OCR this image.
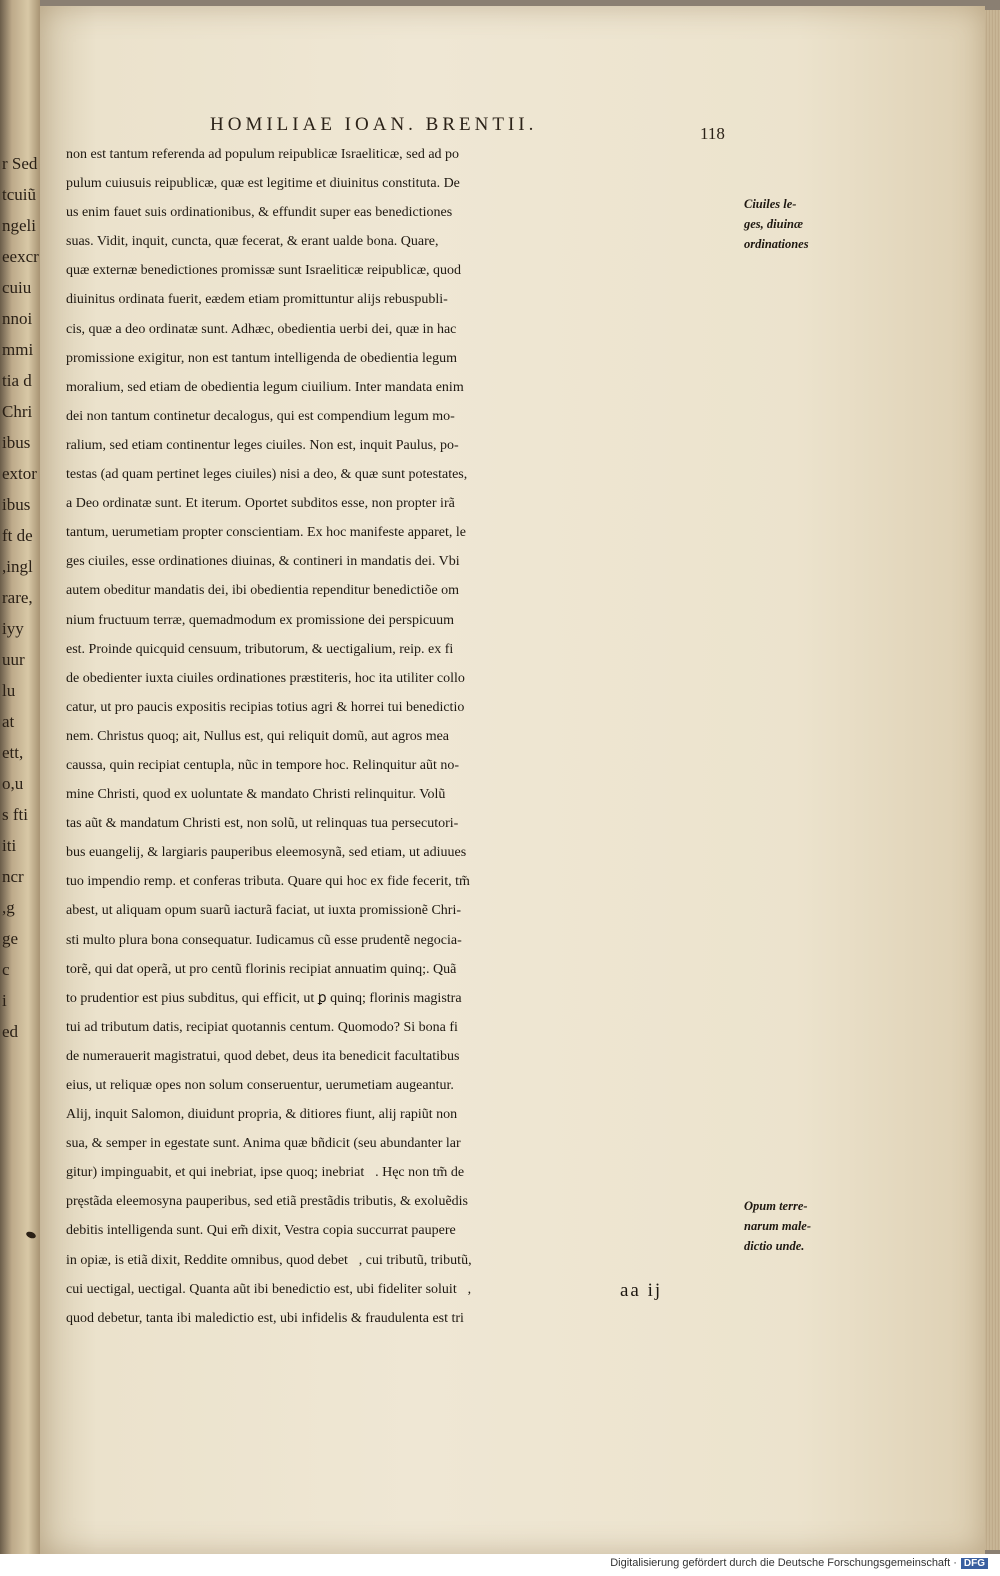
r Sed
tcuiũ
ngeli
eexcr
cuiu
nnoi
mmi
tia d
Chri
ibus
extor
ibus
ft de
,ingl
rare,
iyy
uur
lu
at
ett,
o,u
s fti
iti
ncr
,g
ge
c
i
ed
HOMILIAE IOAN. BRENTII.	118
non est tantum referenda ad populum reipublicæ Israeliticæ, sed ad po
pulum cuiusuis reipublicæ, quæ est legitime et diuinitus constituta. De
us enim fauet suis ordinationibus, & effundit super eas benedictiones
suas. Vidit, inquit, cuncta, quæ fecerat, & erant ualde bona. Quare,
quæ externæ benedictiones promissæ sunt Israeliticæ reipublicæ, quod
diuinitus ordinata fuerit, eædem etiam promittuntur alijs rebuspubli-
cis, quæ a deo ordinatæ sunt. Adhæc, obedientia uerbi dei, quæ in hac
promissione exigitur, non est tantum intelligenda de obedientia legum
moralium, sed etiam de obedientia legum ciuilium. Inter mandata enim
dei non tantum continetur decalogus, qui est compendium legum mo-
ralium, sed etiam continentur leges ciuiles. Non est, inquit Paulus, po-
testas (ad quam pertinet leges ciuiles) nisi a deo, & quæ sunt potestates,
a Deo ordinatæ sunt. Et iterum. Oportet subditos esse, non propter irã
tantum, uerumetiam propter conscientiam. Ex hoc manifeste apparet, le
ges ciuiles, esse ordinationes diuinas, & contineri in mandatis dei. Vbi
autem obeditur mandatis dei, ibi obedientia rependitur benedictiõe om
nium fructuum terræ, quemadmodum ex promissione dei perspicuum
est. Proinde quicquid censuum, tributorum, & uectigalium, reip. ex fi
de obedienter iuxta ciuiles ordinationes præstiteris, hoc ita utiliter collo
catur, ut pro paucis expositis recipias totius agri & horrei tui benedictio
nem. Christus quoq; ait, Nullus est, qui reliquit domũ, aut agros mea
caussa, quin recipiat centupla, nũc in tempore hoc. Relinquitur aũt no-
mine Christi, quod ex uoluntate & mandato Christi relinquitur. Volũ
tas aũt & mandatum Christi est, non solũ, ut relinquas tua persecutori-
bus euangelij, & largiaris pauperibus eleemosynã, sed etiam, ut adiuues
tuo impendio remp. et conferas tributa. Quare qui hoc ex fide fecerit, tm̃
abest, ut aliquam opum suarũ iacturã faciat, ut iuxta promissionẽ Chri-
sti multo plura bona consequatur. Iudicamus cũ esse prudentẽ negocia-
torẽ, qui dat operã, ut pro centũ florinis recipiat annuatim quinq;. Quã
to prudentior est pius subditus, qui efficit, ut ꝑ quinq; florinis magistra
tui ad tributum datis, recipiat quotannis centum. Quomodo? Si bona fi
de numerauerit magistratui, quod debet, deus ita benedicit facultatibus
eius, ut reliquæ opes non solum conseruentur, uerumetiam augeantur.
Alij, inquit Salomon, diuidunt propria, & ditiores fiunt, alij rapiũt non
sua, & semper in egestate sunt. Anima quæ bñdicit (seu abundanter lar
gitur) impinguabit, et qui inebriat, ipse quoq; inebriatᷓ. Hęc non tm̃ de
pręstãda eleemosyna pauperibus, sed etiã prestãdis tributis, & exoluẽdis
debitis intelligenda sunt. Qui em̃ dixit, Vestra copia succurrat paupere
in opiæ, is etiã dixit, Reddite omnibus, quod debetᷓ, cui tributũ, tributũ,
cui uectigal, uectigal. Quanta aũt ibi benedictio est, ubi fideliter soluitᷓ,
quod debetur, tanta ibi maledictio est, ubi infidelis & fraudulenta est tri
Ciuiles le-
ges, diuinæ
ordinationes
Opum terre-
narum male-
dictio unde.
aa ij
Digitalisierung gefördert durch die Deutsche Forschungsgemeinschaft · DFG
